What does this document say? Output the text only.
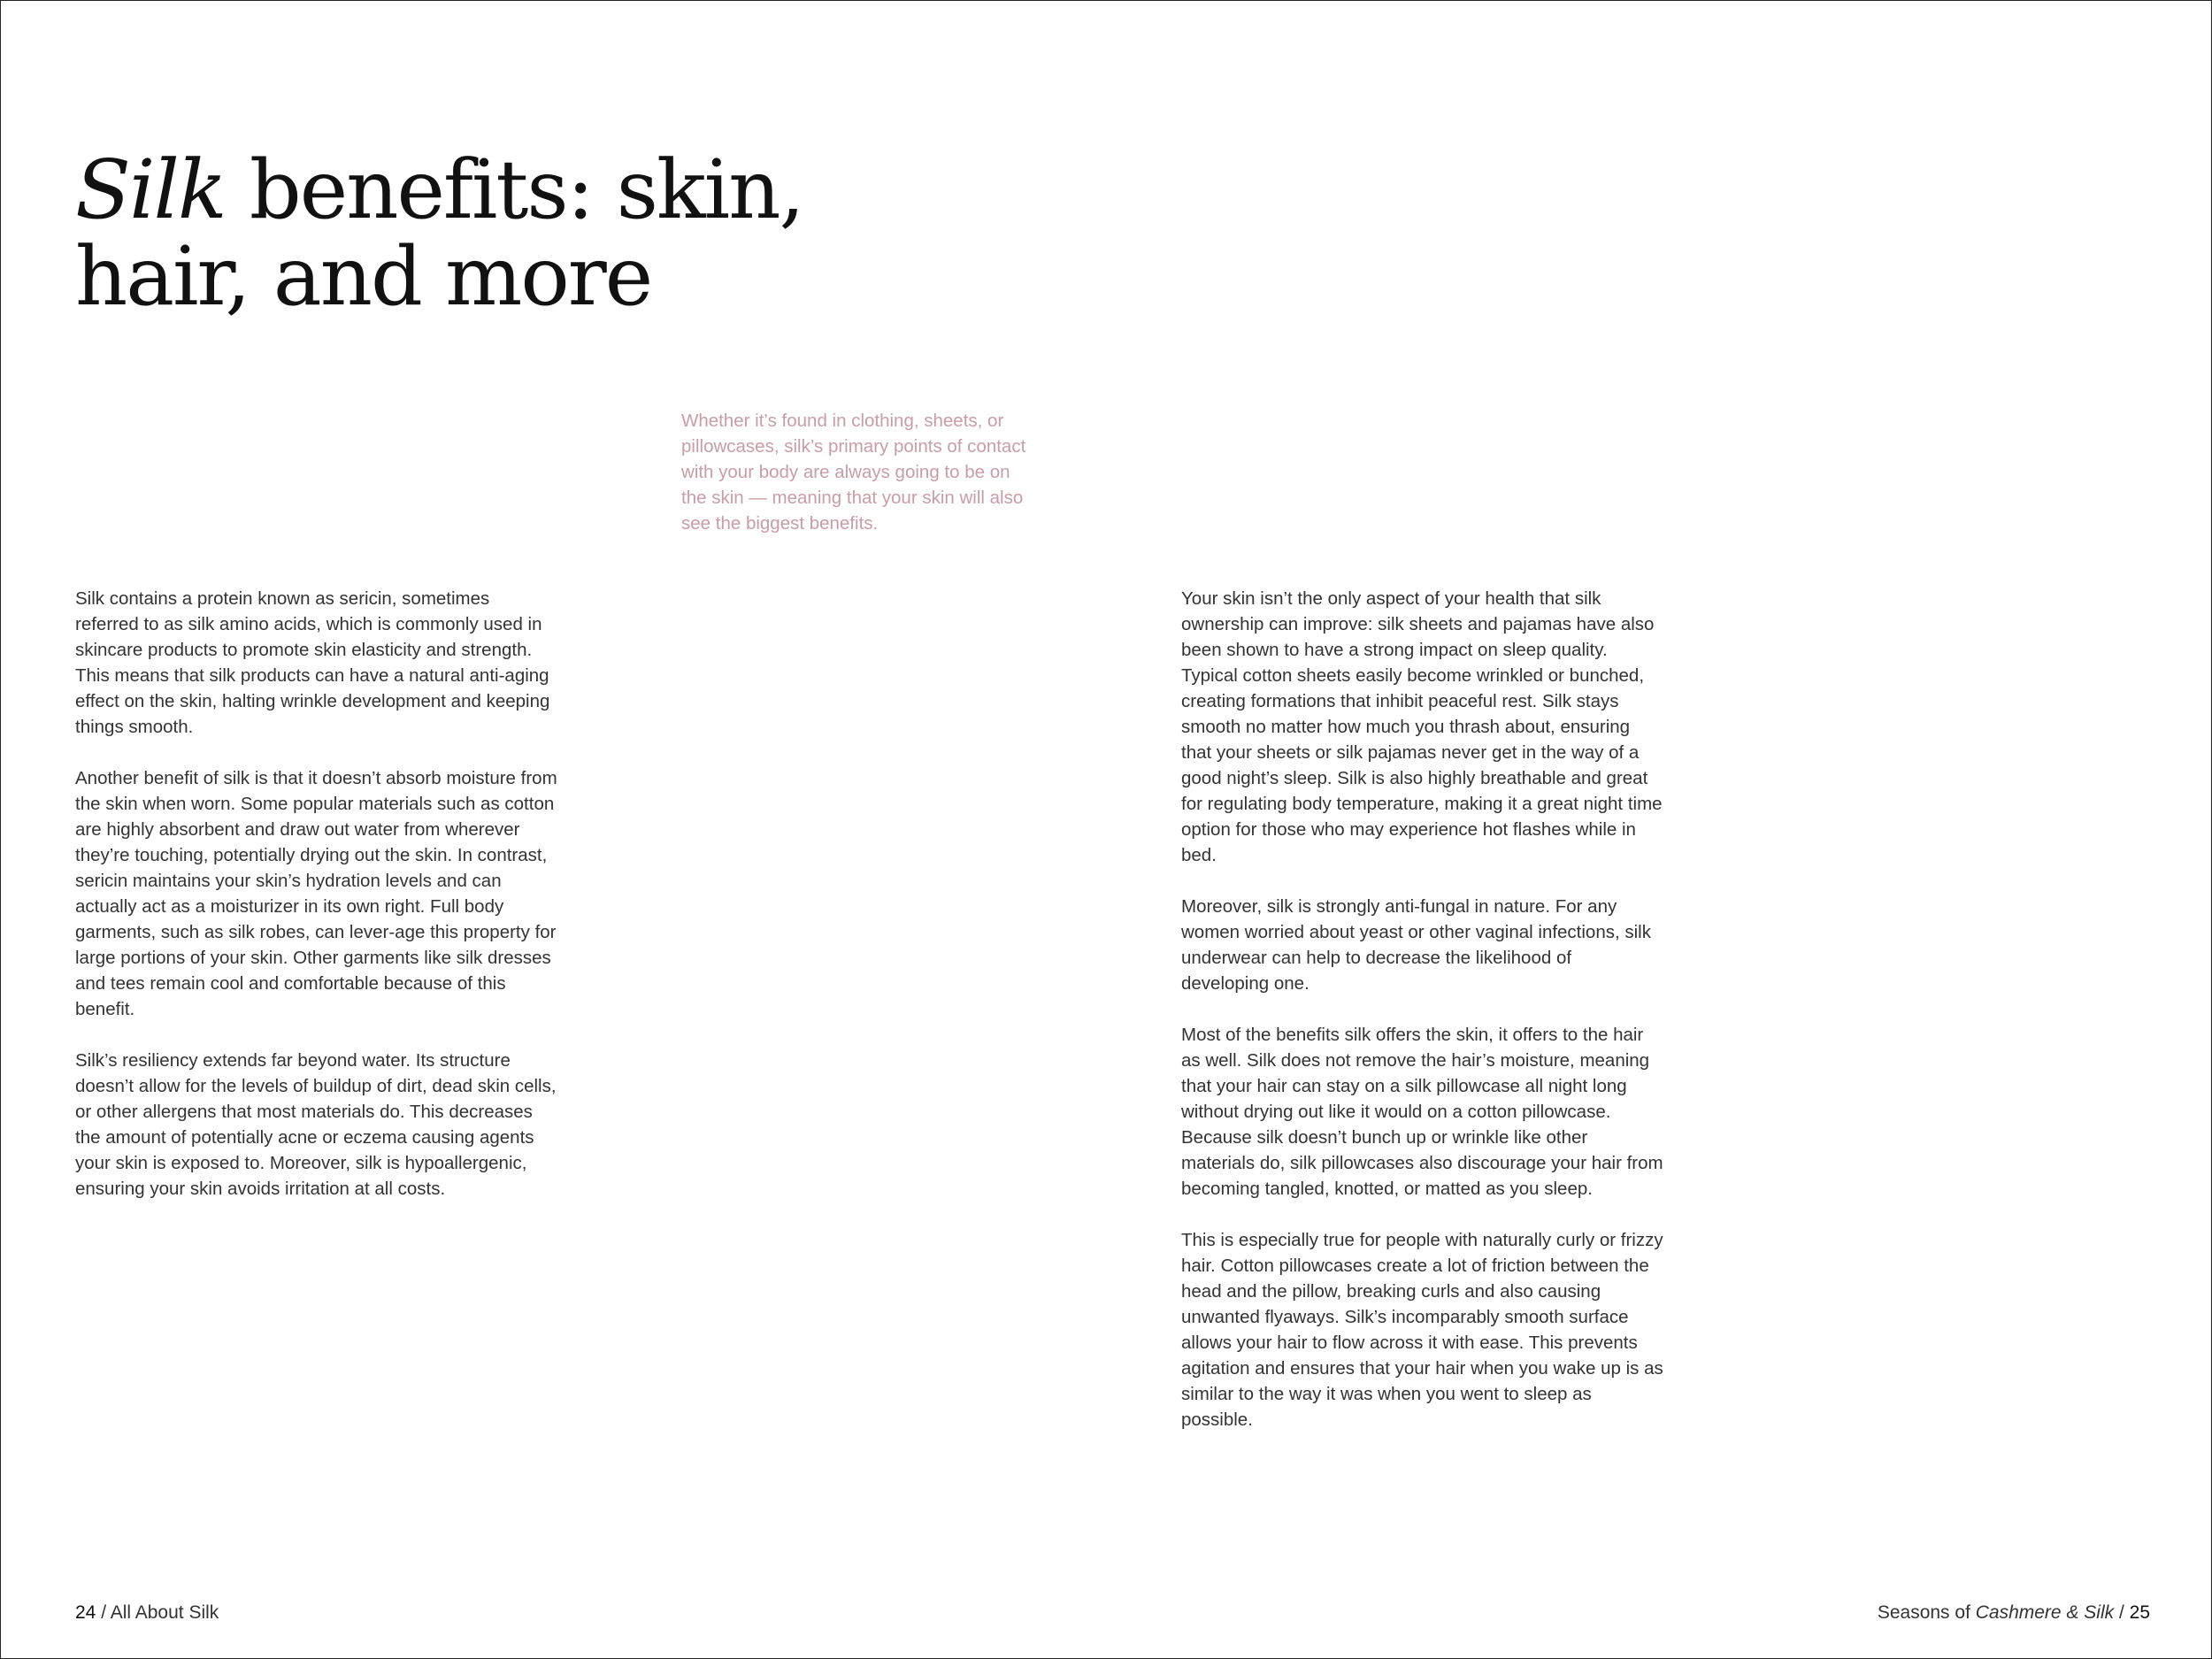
Silk benefits: skin,
hair, and more

Whether it’s found in clothing, sheets, or pillowcases, silk’s primary points of contact with your body are always going to be on the skin — meaning that your skin will also see the biggest benefits.

Silk contains a protein known as sericin, sometimes referred to as silk amino acids, which is commonly used in skincare products to promote skin elasticity and strength. This means that silk products can have a natural anti-aging effect on the skin, halting wrinkle development and keeping things smooth.

Another benefit of silk is that it doesn’t absorb moisture from the skin when worn. Some popular materials such as cotton are highly absorbent and draw out water from wherever they’re touching, potentially drying out the skin. In contrast, sericin maintains your skin’s hydration levels and can actually act as a moisturizer in its own right. Full body garments, such as silk robes, can lever-age this property for large portions of your skin. Other garments like silk dresses and tees remain cool and comfortable because of this benefit.

Silk’s resiliency extends far beyond water. Its structure doesn’t allow for the levels of buildup of dirt, dead skin cells, or other allergens that most materials do. This decreases the amount of potentially acne or eczema causing agents your skin is exposed to. Moreover, silk is hypoallergenic, ensuring your skin avoids irritation at all costs.

Your skin isn’t the only aspect of your health that silk ownership can improve: silk sheets and pajamas have also been shown to have a strong impact on sleep quality. Typical cotton sheets easily become wrinkled or bunched, creating formations that inhibit peaceful rest. Silk stays smooth no matter how much you thrash about, ensuring that your sheets or silk pajamas never get in the way of a good night’s sleep. Silk is also highly breathable and great for regulating body temperature, making it a great night time option for those who may experience hot flashes while in bed.

Moreover, silk is strongly anti-fungal in nature. For any women worried about yeast or other vaginal infections, silk underwear can help to decrease the likelihood of developing one.

Most of the benefits silk offers the skin, it offers to the hair as well. Silk does not remove the hair’s moisture, meaning that your hair can stay on a silk pillowcase all night long without drying out like it would on a cotton pillowcase. Because silk doesn’t bunch up or wrinkle like other materials do, silk pillowcases also discourage your hair from becoming tangled, knotted, or matted as you sleep.

This is especially true for people with naturally curly or frizzy hair. Cotton pillowcases create a lot of friction between the head and the pillow, breaking curls and also causing unwanted flyaways. Silk’s incomparably smooth surface allows your hair to flow across it with ease. This prevents agitation and ensures that your hair when you wake up is as similar to the way it was when you went to sleep as possible.

24 / All About Silk	Seasons of Cashmere & Silk / 25
